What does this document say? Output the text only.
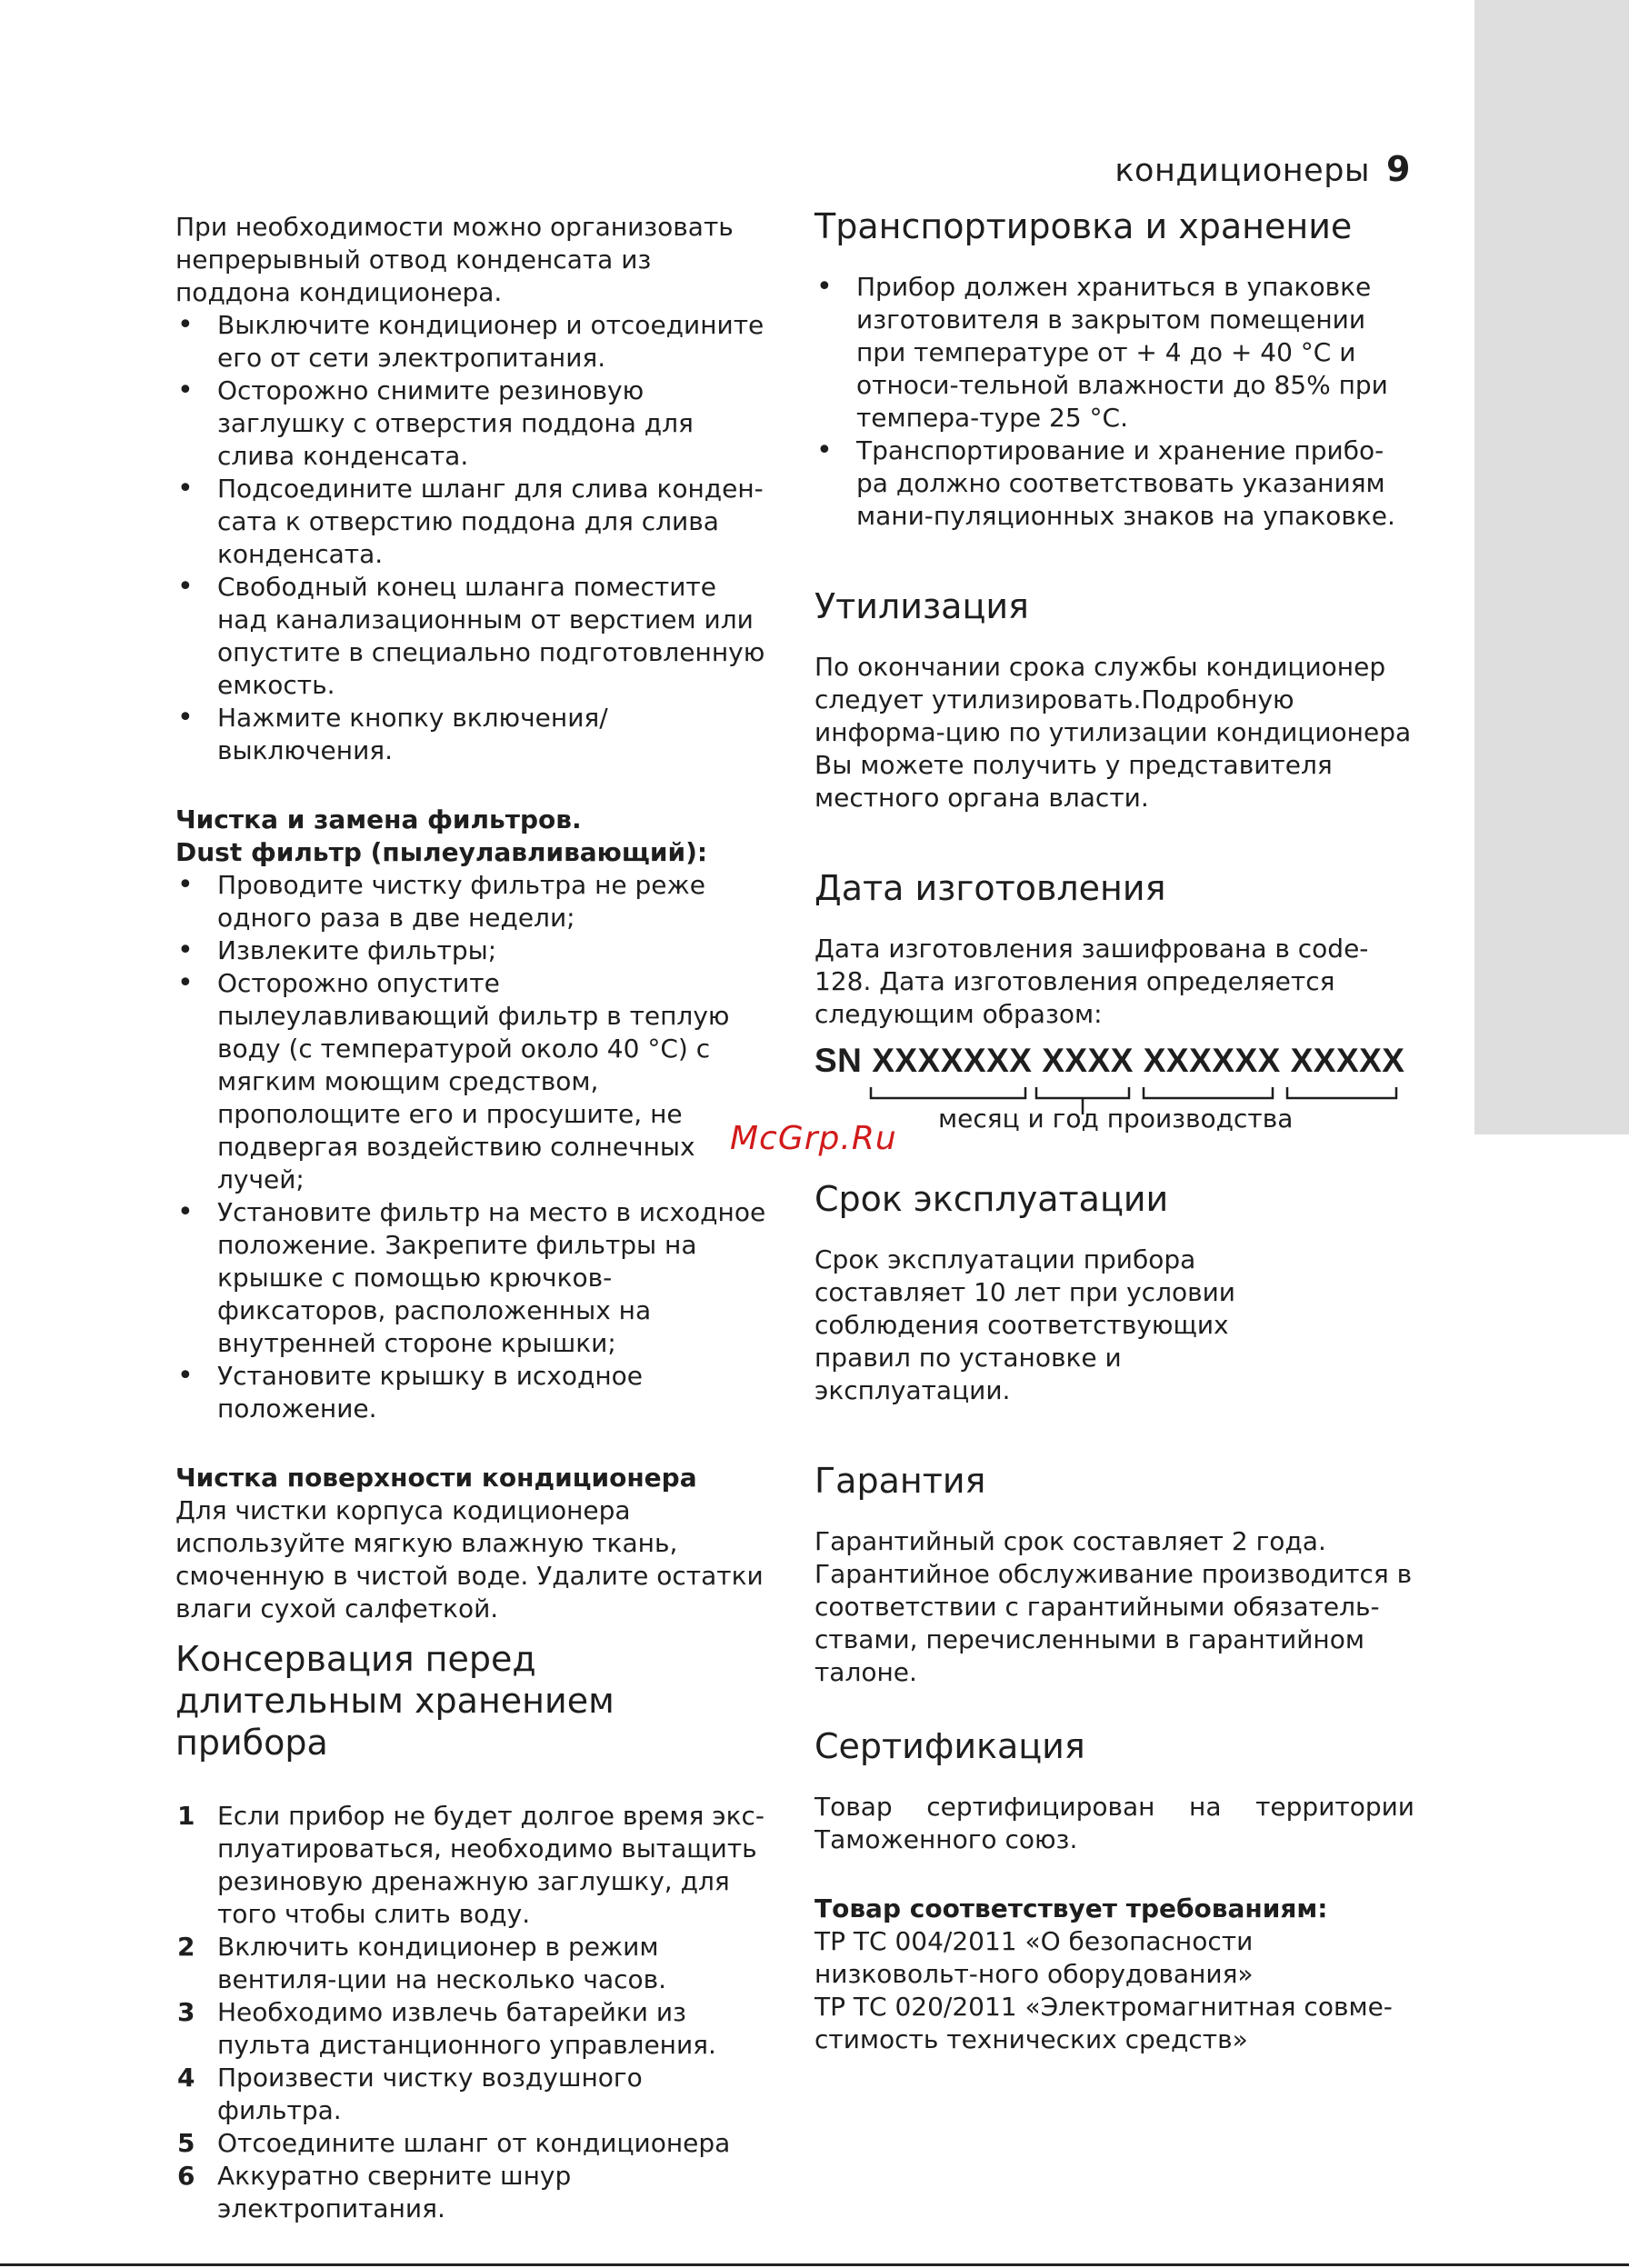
кондиционеры 9

При необходимости можно организовать непрерывный отвод конденсата из поддона кондиционера.

• Выключите кондиционер и отсоедините его от сети электропитания.
• Осторожно снимите резиновую заглушку с отверстия поддона для слива конденсата.
• Подсоедините шланг для слива конден-сата к отверстию поддона для слива конденсата.
• Свободный конец шланга поместите над канализационным от верстием или опустите в специально подготовленную емкость.
• Нажмите кнопку включения/выключения.

Чистка и замена фильтров.

Dust фильтр (пылеулавливающий):

• Проводите чистку фильтра не реже одного раза в две недели;
• Извлеките фильтры;
• Осторожно опустите пылеулавливающий фильтр в теплую воду (с температурой около 40 °С) с мягким моющим средством, прополощите его и просушите, не подвергая воздействию солнечных лучей;
• Установите фильтр на место в исходное положение. Закрепите фильтры на крышке с помощью крючков-фиксаторов, расположенных на внутренней стороне крышки;
• Установите крышку в исходное положение.

Чистка поверхности кондиционера

Для чистки корпуса кодиционера используйте мягкую влажную ткань, смоченную в чистой воде. Удалите остатки влаги сухой салфеткой.

Консервация перед длительным хранением прибора
1 Если прибор не будет долгое время экс-плуатироваться, необходимо вытащить резиновую дренажную заглушку, для того чтобы слить воду.
2 Включить кондиционер в режим вентиля-ции на несколько часов.
3 Необходимо извлечь батарейки из пульта дистанционного управления.
4 Произвести чистку воздушного фильтра.
5 Отсоедините шланг от кондиционера
6 Аккуратно сверните шнур электропитания.
Транспортировка и хранение
• Прибор должен храниться в упаковке изготовителя в закрытом помещении при температуре от + 4 до + 40 °С и относи-тельной влажности до 85% при темпера-туре 25 °С.
• Транспортирование и хранение прибо-ра должно соответствовать указаниям мани-пуляционных знаков на упаковке.
Утилизация

По окончании срока службы кондиционер следует утилизировать.Подробную информа-цию по утилизации кондиционера Вы можете получить у представителя местного органа власти.

Дата изготовления

Дата изготовления зашифрована в code-128. Дата изготовления определяется следующим образом:

SN XXXXXXX XXXX XXXXXX XXXXX
месяц и год производства
Срок эксплуатации

Срок эксплуатации прибора составляет 10 лет при условии соблюдения соответствующих правил по установке и эксплуатации.

Гарантия

Гарантийный срок составляет 2 года. Гарантийное обслуживание производится в соответствии с гарантийными обязатель-ствами, перечисленными в гарантийном талоне.

Сертификация

Товар сертифицирован на территории

Таможенного союз.

Товар соответствует требованиям:

ТР ТС 004/2011 «О безопасности низковольт-ного оборудования»

ТР ТС 020/2011 «Электромагнитная совме-стимость технических средств»

McGrp.Ru
